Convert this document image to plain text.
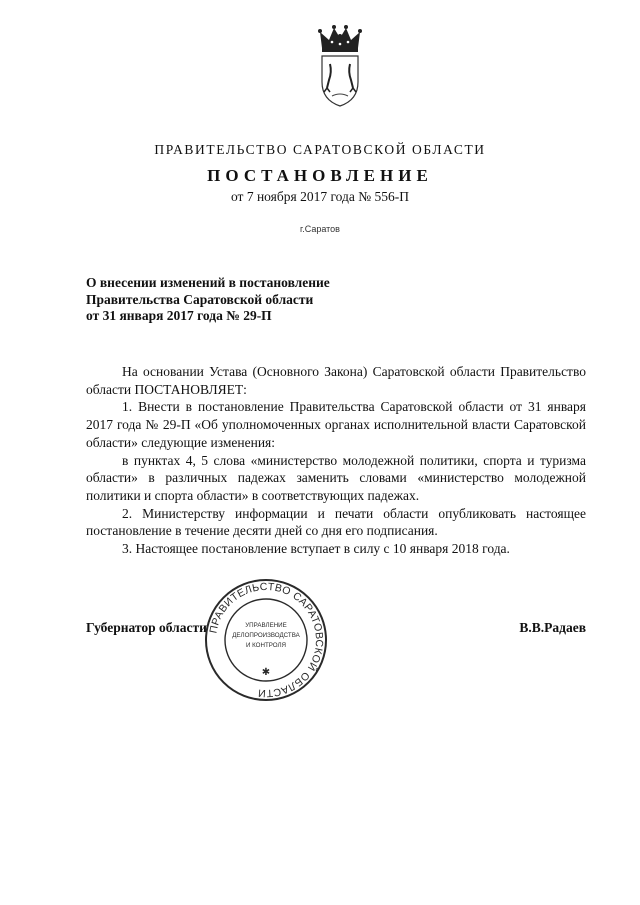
ПРАВИТЕЛЬСТВО САРАТОВСКОЙ ОБЛАСТИ
ПОСТАНОВЛЕНИЕ
от 7 ноября 2017 года № 556-П
г.Саратов
О внесении изменений в постановление
Правительства Саратовской области
от 31 января 2017 года № 29-П

На основании Устава (Основного Закона) Саратовской области Правительство области ПОСТАНОВЛЯЕТ:

1. Внести в постановление Правительства Саратовской области от 31 января 2017 года № 29-П «Об уполномоченных органах исполнительной власти Саратовской области» следующие изменения:

в пунктах 4, 5 слова «министерство молодежной политики, спорта и туризма области» в различных падежах заменить словами «министерство молодежной политики и спорта области» в соответствующих падежах.

2. Министерству информации и печати области опубликовать настоящее постановление в течение десяти дней со дня его подписания.

3. Настоящее постановление вступает в силу с 10 января 2018 года.

Губернатор области	В.В.Радаев
ПРАВИТЕЛЬСТВО САРАТОВСКОЙ ОБЛАСТИ
УПРАВЛЕНИЕ
ДЕЛОПРОИЗВОДСТВА
И КОНТРОЛЯ
✱
